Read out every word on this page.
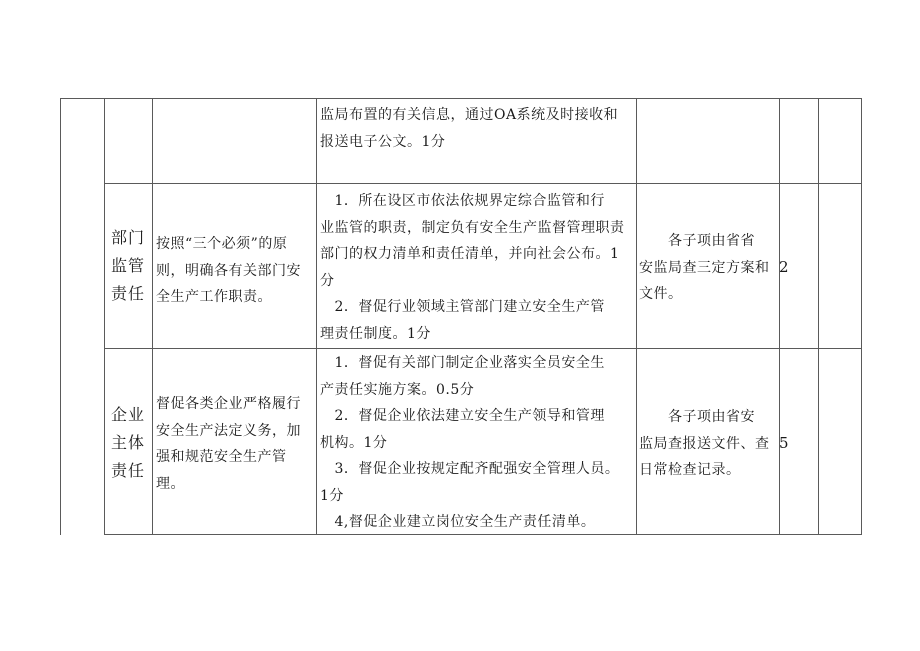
监局布置的有关信息，通过OA系统及时接收和
报送电子公文。1分
部门
监管
责任
按照“三个必须”的原
则，明确各有关部门安
全生产工作职责。
　1．所在设区市依法依规界定综合监管和行
业监管的职责，制定负有安全生产监督管理职责
部门的权力清单和责任清单，并向社会公布。1
分
　2．督促行业领域主管部门建立安全生产管
理责任制度。1分
　　各子项由省省
安监局查三定方案和
文件。
2
企业
主体
责任
督促各类企业严格履行
安全生产法定义务，加
强和规范安全生产管
理。
　1．督促有关部门制定企业落实全员安全生
产责任实施方案。0.5分
　2．督促企业依法建立安全生产领导和管理
机构。1分
　3．督促企业按规定配齐配强安全管理人员。
1分
　4,督促企业建立岗位安全生产责任清单。
　　各子项由省安
监局查报送文件、查
日常检查记录。
5
